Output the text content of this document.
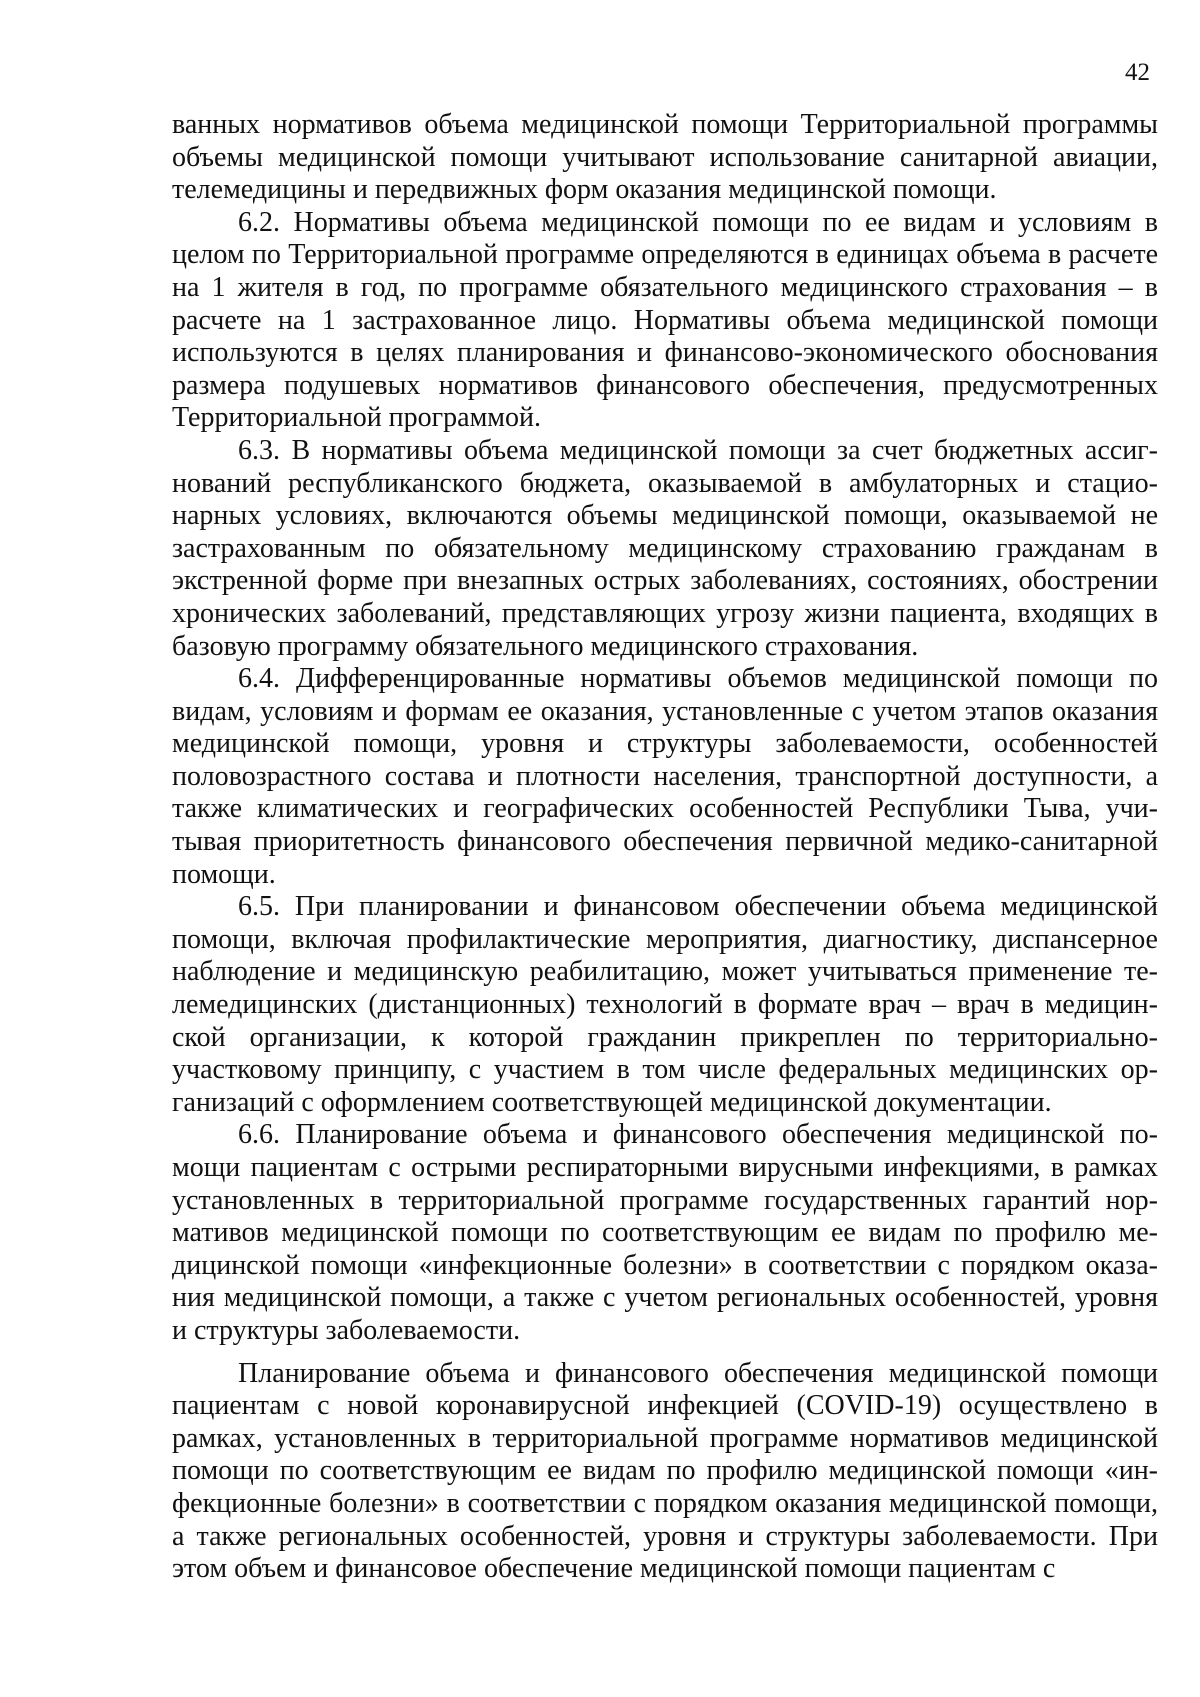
42

ванных нормативов объема медицинской помощи Территориальной программы объемы медицинской помощи учитывают использование санитарной авиации, телемедицины и передвижных форм оказания медицинской помощи.

6.2. Нормативы объема медицинской помощи по ее видам и условиям в целом по Территориальной программе определяются в единицах объема в расчете на 1 жителя в год, по программе обязательного медицинского страхования – в расчете на 1 застрахованное лицо. Нормативы объема медицинской помощи используются в целях планирования и финансово-экономического обоснования размера подушевых нормативов финансового обеспечения, предусмотренных Территориальной программой.

6.3. В нормативы объема медицинской помощи за счет бюджетных ассигнований республиканского бюджета, оказываемой в амбулаторных и стационарных условиях, включаются объемы медицинской помощи, оказываемой не застрахованным по обязательному медицинскому страхованию гражданам в экстренной форме при внезапных острых заболеваниях, состояниях, обострении хронических заболеваний, представляющих угрозу жизни пациента, входящих в базовую программу обязательного медицинского страхования.

6.4. Дифференцированные нормативы объемов медицинской помощи по видам, условиям и формам ее оказания, установленные с учетом этапов оказания медицинской помощи, уровня и структуры заболеваемости, особенностей половозрастного состава и плотности населения, транспортной доступности, а также климатических и географических особенностей Республики Тыва, учитывая приоритетность финансового обеспечения первичной медико-санитарной помощи.

6.5. При планировании и финансовом обеспечении объема медицинской помощи, включая профилактические мероприятия, диагностику, диспансерное наблюдение и медицинскую реабилитацию, может учитываться применение телемедицинских (дистанционных) технологий в формате врач – врач в медицинской организации, к которой гражданин прикреплен по территориально-участковому принципу, с участием в том числе федеральных медицинских организаций с оформлением соответствующей медицинской документации.

6.6. Планирование объема и финансового обеспечения медицинской помощи пациентам с острыми респираторными вирусными инфекциями, в рамках установленных в территориальной программе государственных гарантий нормативов медицинской помощи по соответствующим ее видам по профилю медицинской помощи «инфекционные болезни» в соответствии с порядком оказания медицинской помощи, а также с учетом региональных особенностей, уровня и структуры заболеваемости.

Планирование объема и финансового обеспечения медицинской помощи пациентам с новой коронавирусной инфекцией (COVID-19) осуществлено в рамках, установленных в территориальной программе нормативов медицинской помощи по соответствующим ее видам по профилю медицинской помощи «инфекционные болезни» в соответствии с порядком оказания медицинской помощи, а также региональных особенностей, уровня и структуры заболеваемости. При этом объем и финансовое обеспечение медицинской помощи пациентам с
